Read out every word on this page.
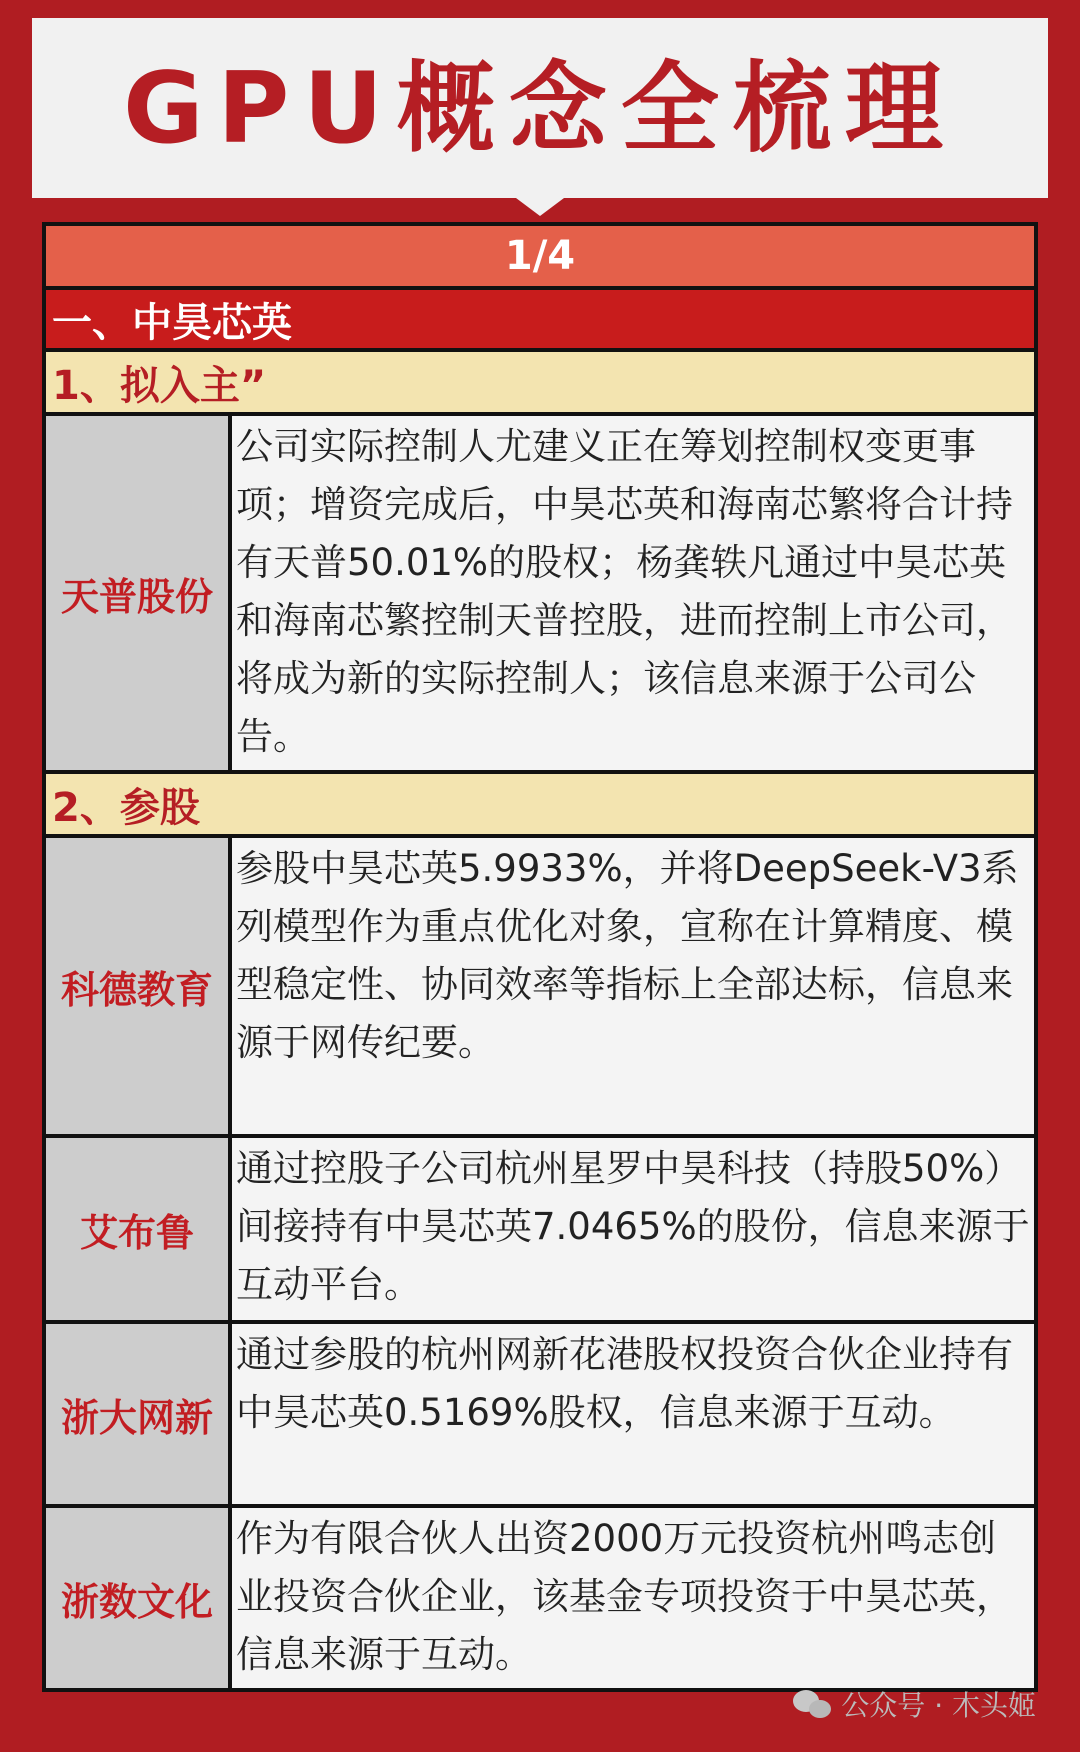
GPU概念全梳理
1/4
一、中昊芯英
1、拟入主”
天普股份
公司实际控制人尤建义正在筹划控制权变更事项；增资完成后，中昊芯英和海南芯繁将合计持有天普50.01%的股权；杨龚轶凡通过中昊芯英和海南芯繁控制天普控股，进而控制上市公司，将成为新的实际控制人；该信息来源于公司公告。
2、参股
科德教育
参股中昊芯英5.9933%，并将DeepSeek-V3系列模型作为重点优化对象，宣称在计算精度、模型稳定性、协同效率等指标上全部达标，信息来源于网传纪要。
艾布鲁
通过控股子公司杭州星罗中昊科技（持股50%）间接持有中昊芯英7.0465%的股份，信息来源于互动平台。
浙大网新
通过参股的杭州网新花港股权投资合伙企业持有中昊芯英0.5169%股权，信息来源于互动。
浙数文化
作为有限合伙人出资2000万元投资杭州鸣志创业投资合伙企业，该基金专项投资于中昊芯英，信息来源于互动。
公众号 · 木头姬
